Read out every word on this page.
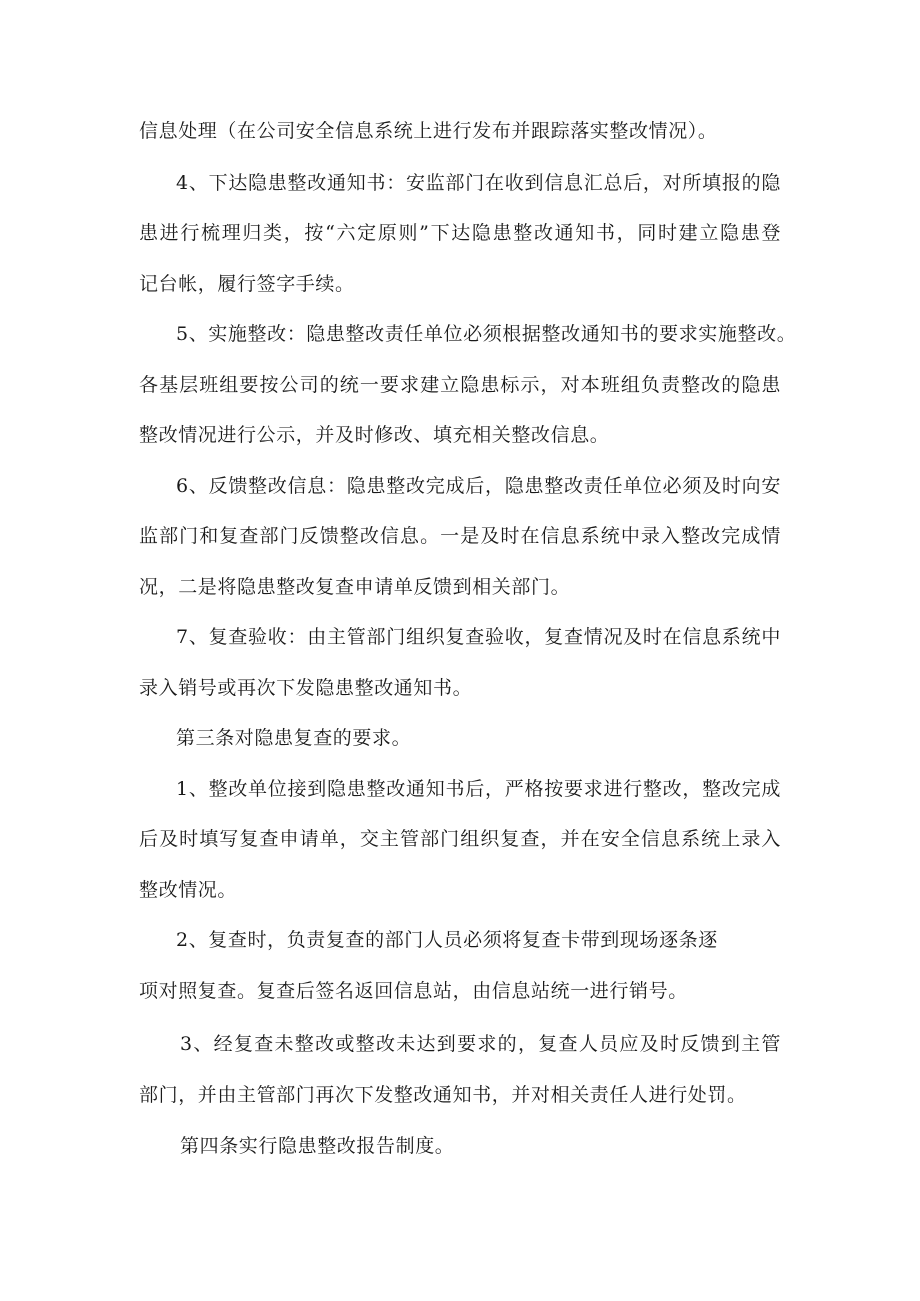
信息处理（在公司安全信息系统上进行发布并跟踪落实整改情况）。
4、下达隐患整改通知书：安监部门在收到信息汇总后，对所填报的隐
患进行梳理归类，按“六定原则”下达隐患整改通知书，同时建立隐患登
记台帐，履行签字手续。
5、实施整改：隐患整改责任单位必须根据整改通知书的要求实施整改。
各基层班组要按公司的统一要求建立隐患标示，对本班组负责整改的隐患
整改情况进行公示，并及时修改、填充相关整改信息。
6、反馈整改信息：隐患整改完成后，隐患整改责任单位必须及时向安
监部门和复查部门反馈整改信息。一是及时在信息系统中录入整改完成情
况，二是将隐患整改复查申请单反馈到相关部门。
7、复查验收：由主管部门组织复查验收，复查情况及时在信息系统中
录入销号或再次下发隐患整改通知书。
第三条对隐患复查的要求。
1、整改单位接到隐患整改通知书后，严格按要求进行整改，整改完成
后及时填写复查申请单，交主管部门组织复查，并在安全信息系统上录入
整改情况。
2、复查时，负责复查的部门人员必须将复查卡带到现场逐条逐
项对照复查。复查后签名返回信息站，由信息站统一进行销号。
3、经复查未整改或整改未达到要求的，复查人员应及时反馈到主管
部门，并由主管部门再次下发整改通知书，并对相关责任人进行处罚。
第四条实行隐患整改报告制度。
